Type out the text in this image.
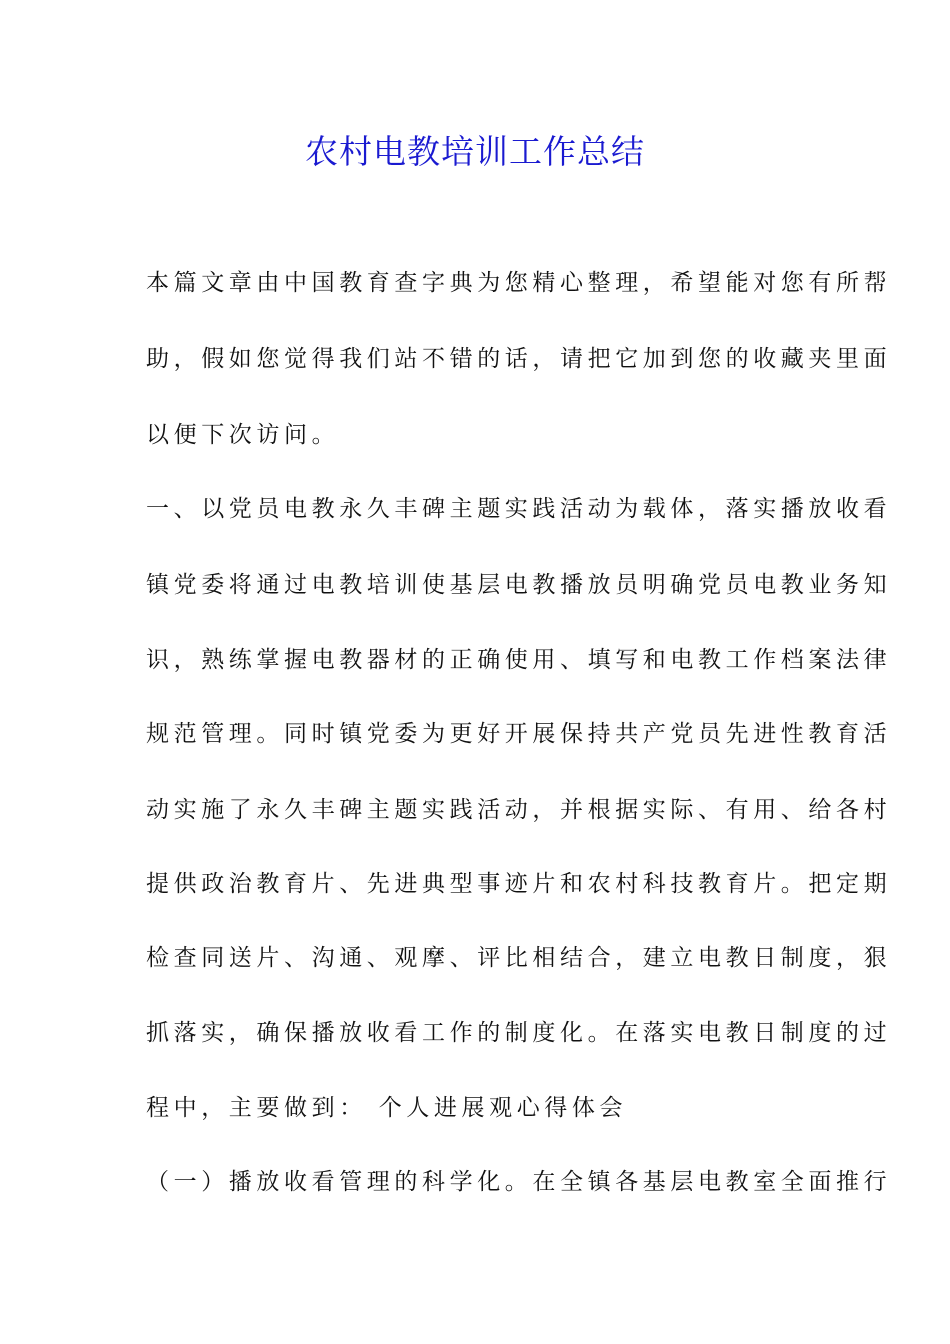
农村电教培训工作总结
本篇文章由中国教育查字典为您精心整理，希望能对您有所帮
助，假如您觉得我们站不错的话，请把它加到您的收藏夹里面
以便下次访问。
一、以党员电教永久丰碑主题实践活动为载体，落实播放收看
镇党委将通过电教培训使基层电教播放员明确党员电教业务知
识，熟练掌握电教器材的正确使用、填写和电教工作档案法律
规范管理。同时镇党委为更好开展保持共产党员先进性教育活
动实施了永久丰碑主题实践活动，并根据实际、有用、给各村
提供政治教育片、先进典型事迹片和农村科技教育片。把定期
检查同送片、沟通、观摩、评比相结合，建立电教日制度，狠
抓落实，确保播放收看工作的制度化。在落实电教日制度的过
程中，主要做到： 个人进展观心得体会
（一）播放收看管理的科学化。在全镇各基层电教室全面推行
